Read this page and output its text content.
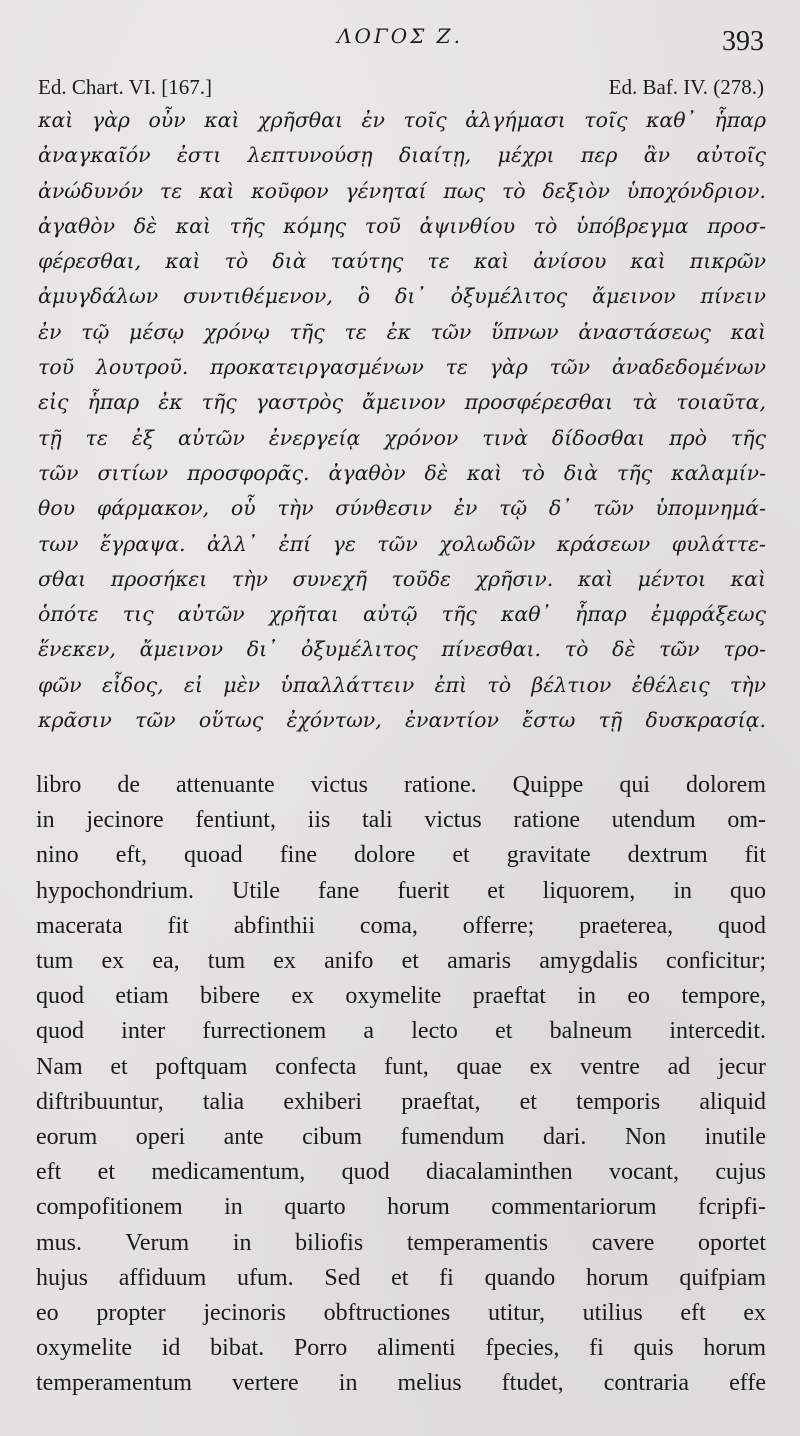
ΛΟΓΟΣ Ζ.	393
Ed. Chart. VI. [167.]	Ed. Baf. IV. (278.)
καὶ γὰρ οὖν καὶ χρῆσθαι ἐν τοῖς ἀλγήμασι τοῖς καθ᾽ ἧπαρ
ἀναγκαῖόν ἐστι λεπτυνούσῃ διαίτῃ, μέχρι περ ἂν αὐτοῖς
ἀνώδυνόν τε καὶ κοῦφον γένηταί πως τὸ δεξιὸν ὑποχόνδριον.
ἀγαθὸν δὲ καὶ τῆς κόμης τοῦ ἀψινθίου τὸ ὑπόβρεγμα προσ-
φέρεσθαι, καὶ τὸ διὰ ταύτης τε καὶ ἀνίσου καὶ πικρῶν
ἀμυγδάλων συντιθέμενον, ὃ δι᾽ ὀξυμέλιτος ἄμεινον πίνειν
ἐν τῷ μέσῳ χρόνῳ τῆς τε ἐκ τῶν ὕπνων ἀναστάσεως καὶ
τοῦ λουτροῦ. προκατειργασμένων τε γὰρ τῶν ἀναδεδομένων
εἰς ἧπαρ ἐκ τῆς γαστρὸς ἄμεινον προσφέρεσθαι τὰ τοιαῦτα,
τῇ τε ἐξ αὐτῶν ἐνεργείᾳ χρόνον τινὰ δίδοσθαι πρὸ τῆς
τῶν σιτίων προσφορᾶς. ἀγαθὸν δὲ καὶ τὸ διὰ τῆς καλαμίν-
θου φάρμακον, οὗ τὴν σύνθεσιν ἐν τῷ δ᾽ τῶν ὑπομνημά-
των ἔγραψα. ἀλλ᾽ ἐπί γε τῶν χολωδῶν κράσεων φυλάττε-
σθαι προσήκει τὴν συνεχῆ τοῦδε χρῆσιν. καὶ μέντοι καὶ
ὁπότε τις αὐτῶν χρῆται αὐτῷ τῆς καθ᾽ ἧπαρ ἐμφράξεως
ἕνεκεν, ἄμεινον δι᾽ ὀξυμέλιτος πίνεσθαι. τὸ δὲ τῶν τρο-
φῶν εἶδος, εἰ μὲν ὑπαλλάττειν ἐπὶ τὸ βέλτιον ἐθέλεις τὴν
κρᾶσιν τῶν οὕτως ἐχόντων, ἐναντίον ἔστω τῇ δυσκρασίᾳ.
libro de attenuante victus ratione. Quippe qui dolorem
in jecinore fentiunt, iis tali victus ratione utendum om-
nino eft, quoad fine dolore et gravitate dextrum fit
hypochondrium. Utile fane fuerit et liquorem, in quo
macerata fit abfinthii coma, offerre; praeterea, quod
tum ex ea, tum ex anifo et amaris amygdalis conficitur;
quod etiam bibere ex oxymelite praeftat in eo tempore,
quod inter furrectionem a lecto et balneum intercedit.
Nam et poftquam confecta funt, quae ex ventre ad jecur
diftribuuntur, talia exhiberi praeftat, et temporis aliquid
eorum operi ante cibum fumendum dari. Non inutile
eft et medicamentum, quod diacalaminthen vocant, cujus
compofitionem in quarto horum commentariorum fcripfi-
mus. Verum in biliofis temperamentis cavere oportet
hujus affiduum ufum. Sed et fi quando horum quifpiam
eo propter jecinoris obftructiones utitur, utilius eft ex
oxymelite id bibat. Porro alimenti fpecies, fi quis horum
temperamentum vertere in melius ftudet, contraria effe
